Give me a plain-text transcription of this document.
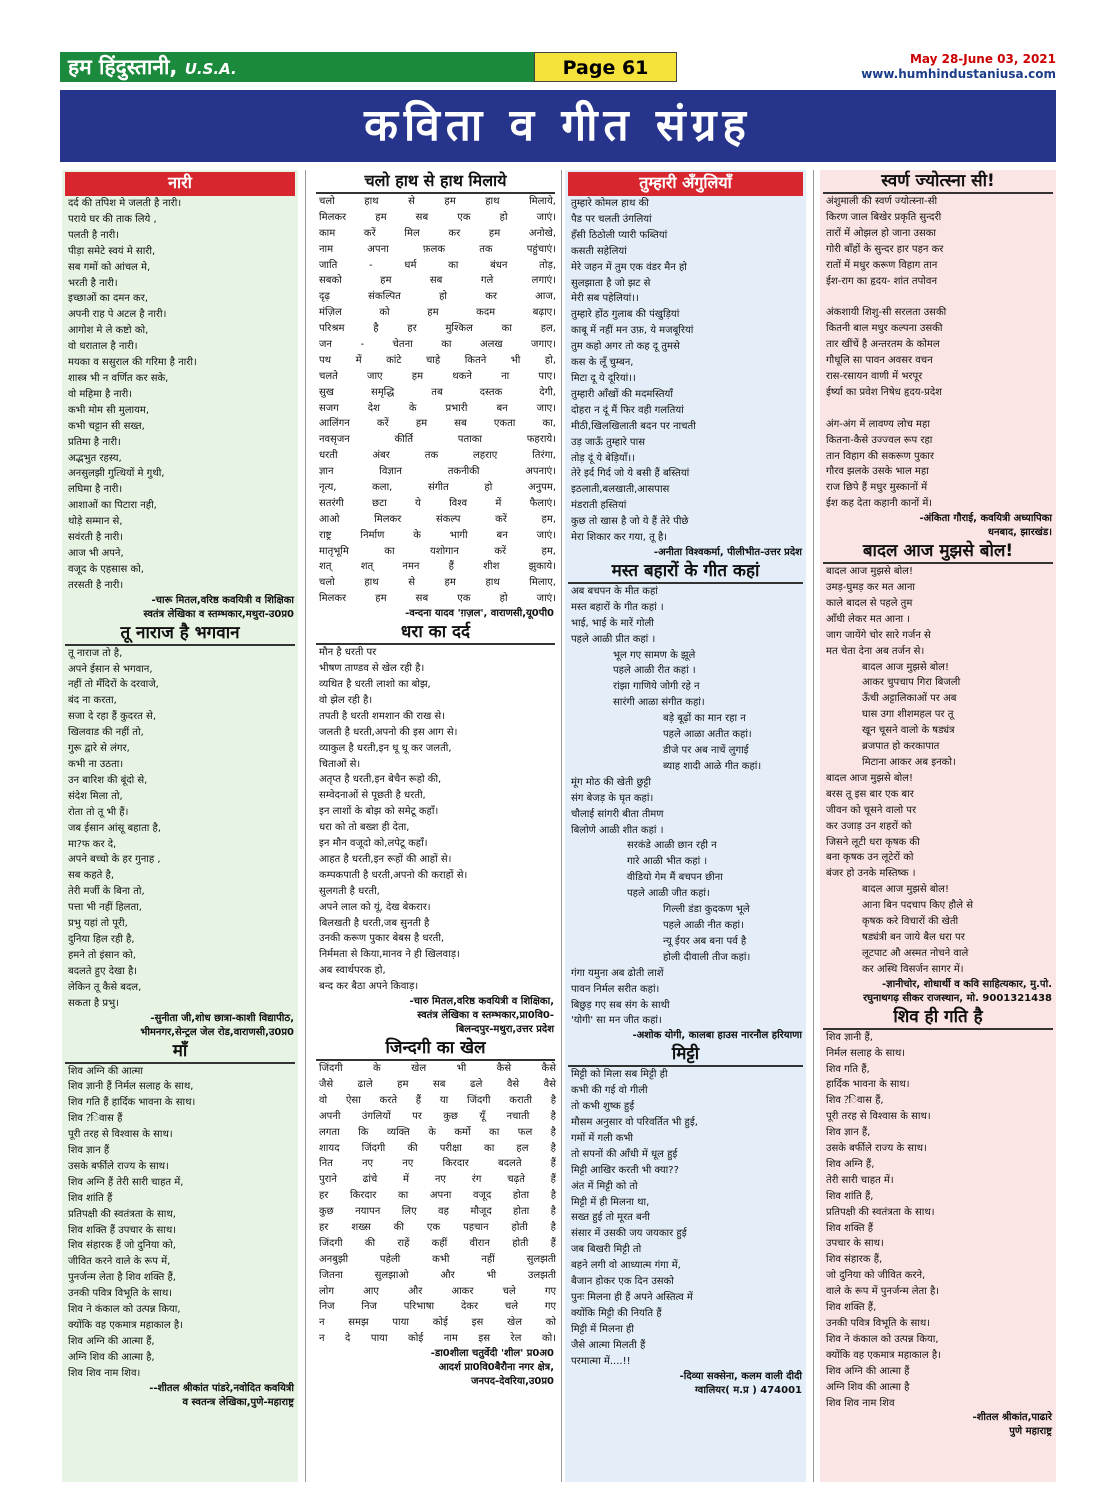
हम हिंदुस्तानी, U.S.A.	Page 61	May 28-June 03, 2021
www.humhindustaniusa.com
कविता व गीत संग्रह
नारी
दर्द की तपिश मे जलती है नारी।
पराये घर की ताक लिये ,
पलती है नारी।
पीड़ा समेटे स्वयं मे सारी,
सब गमों को आंचल मे,
भरती है नारी।
इच्छाओं का दमन कर,
अपनी राह पे अटल है नारी।
आगोश मे ले कष्टो को,
वो धराताल है नारी।
मयका व ससुराल की गरिमा है नारी।
शास्त्र भी न वर्णित कर सके,
वो महिमा है नारी।
कभी मोम सी मुलायम,
कभी चट्टान सी सख्त,
प्रतिमा है नारी।
अद्भभुत रहस्य,
अनसुलझी गुत्थियों मे गुथी,
लघिमा है नारी।
आशाओं का पिटारा नही,
थोड़े सम्मान से,
सवंरती है नारी।
आज भी अपने,
वजूद के एहसास को,
तरसती है नारी।
-चारू मितल,वरिष्ठ कवयित्री व शिक्षिका
स्वतंत्र लेखिका व स्तम्भकार,मथुरा-उ0प्र0
तू नाराज है भगवान
तू नाराज तो है,
अपने ईसान से भगवान,
नहीं तो मँदिरों के दरवाजे,
बंद ना करता,
सजा दे रहा हैं कुदरत से,
खिलवाड की नहीं तो,
गुरू द्वारे से लंगर,
कभी ना उठता।
उन बारिश की बूंदो से,
संदेश मिला तो,
रोता तो तू भी हैं।
जब ईसान आंसू बहाता है,
मा?फ कर दे,
अपने बच्चो के हर गुनाह ,
सब कहते है,
तेरी मर्जी के बिना तो,
पत्ता भी नहीं हिलता,
प्रभु यहां तो पूरी,
दुनिया हिल रही है,
हमने तो इंसान को,
बदलते हुए देखा है।
लेकिन तू कैसे बदल,
सकता है प्रभु।
-सुनीता जी,शोध छात्रा-काशी विद्यापीठ,
भीमनगर,सेन्ट्रल जेल रोड,वाराणसी,उ0प्र0
माँ
शिव अग्नि की आत्मा
शिव ज्ञानी हैं निर्मल सलाह के साथ,
शिव गति हैं हार्दिक भावना के साथ।
शिव ?िवास हैं
पूरी तरह से विश्वास के साथ।
शिव ज्ञान हैं
उसके बर्फीले राज्य के साथ।
शिव अग्नि हैं तेरी सारी चाहत में,
शिव शांति हैं
प्रतिपक्षी की स्वतंत्रता के साथ,
शिव शक्ति हैं उपचार के साथ।
शिव संहारक हैं जो दुनिया को,
जीवित करने वाले के रूप में,
पुनर्जन्म लेता है शिव शक्ति हैं,
उनकी पवित्र विभूति के साथ।
शिव ने कंकाल को उत्पन्न किया,
क्योंकि वह एकमात्र महाकाल है।
शिव अग्नि की आत्मा हैं,
अग्नि शिव की आत्मा है,
शिव शिव नाम शिव।
--शीतल श्रीकांत पांडरे,नवोदित कवयित्री
व स्वतन्त्र लेखिका,पुणे-महाराष्ट्र
चलो हाथ से हाथ मिलाये
चलो हाथ से हम हाथ मिलाये,
मिलकर हम सब एक हो जाएं।
काम करें मिल कर हम अनोखे,
नाम अपना फ़लक तक पहुंचाएं।
जाति - धर्म का बंधन तोड़,
सबको हम सब गले लगाएं।
दृढ़ संकल्पित हो कर आज,
मंज़िल को हम कदम बढ़ाए।
परिश्रम है हर मुश्किल का हल,
जन - चेतना का अलख जगाए।
पथ में कांटे चाहे कितने भी हो,
चलते जाए हम थकने ना पाए।
सुख समृद्धि तब दस्तक देगी,
सजग देश के प्रभारी बन जाए।
आलिंगन करें हम सब एकता का,
नवसृजन कीर्ति पताका फहराये।
धरती अंबर तक लहराए तिरंगा,
ज्ञान विज्ञान तकनीकी अपनाएं।
नृत्य, कला, संगीत हो अनुपम,
सतरंगी छटा ये विश्व में फैलाएं।
आओ मिलकर संकल्प करें हम,
राष्ट्र निर्माण के भागी बन जाएं।
मातृभूमि का यशोगान करें हम,
शत् शत् नमन हैं शीश झुकाये।
चलो हाथ से हम हाथ मिलाए,
मिलकर हम सब एक हो जाएं।
-वन्दना यादव 'ग़ज़ल', वाराणसी,यू0पी0
धरा का दर्द
मौन है धरती पर
भीषण ताण्डव से खेल रही है।
व्यथित है धरती लाशो का बोझ,
वो झेल रही है।
तपती है धरती शमशान की राख से।
जलती है धरती,अपनो की इस आग से।
व्याकुल है धरती,इन धू धू कर जलती,
चिताओं से।
अतृप्त है धरती,इन बेचैन रूहो की,
सम्वेदनाओं से पूछती है धरती,
इन लाशों के बोझ को समेटू कहाँ।
धरा को तो बख्श ही देता,
इन मौन वजूदो को,लपेटू कहाँ।
आहत है धरती,इन रूहों की आहों से।
कम्पकपाती है धरती,अपनो की कराहों से।
सुलगती है धरती,
अपने लाल को यूं, देख बेकरार।
बिलखती है धरती,जब सुनती है
उनकी करूण पुकार बेबस है धरती,
निर्ममता से किया,मानव ने ही खिलवाड़।
अब स्वार्थपरक हो,
बन्द कर बैठा अपने किवाड़।
-चारु मितल,वरिष्ठ कवयित्री व शिक्षिका,
स्वतंत्र लेखिका व स्तम्भकार,प्रा0वि0-
बिलन्दपुर-मथुरा,उत्तर प्रदेश
जिन्दगी का खेल
जिंदगी के खेल भी कैसे कैसे
जैसे ढाले हम सब ढले वैसे वैसे
वो ऐसा करते हैं या जिंदगी कराती है
अपनी उंगलियों पर कुछ यूँ नचाती है
लगता कि व्यक्ति के कर्मो का फल है
शायद जिंदगी की परीक्षा का हल है
नित नए नए किरदार बदलते हैं
पुराने ढांचे में नए रंग चढ़ते हैं
हर किरदार का अपना वजूद होता है
कुछ नयापन लिए वह मौजूद होता है
हर शख्स की एक पहचान होती है
जिंदगी की राहें कहीं वीरान होती हैं
अनबुझी पहेली कभी नहीं सुलझती
जितना सुलझाओ और भी उलझती
लोग आए और आकर चले गए
निज निज परिभाषा देकर चले गए
न समझ पाया कोई इस खेल को
न दे पाया कोई नाम इस रेल को।
-डा0शीला चतुर्वेदी 'शील' प्र0अ0
आदर्श प्रा0वि0बैरौना नगर क्षेत्र,
जनपद-देवरिया,उ0प्र0
तुम्हारी अँगुलियाँ
तुम्हारे कोमल हाथ की
पैड पर चलती उंगलियां
हँसी ठिठोली प्यारी फब्तियां
कसती सहेलियां
मेरे जहन में तुम एक वंडर मैन हो
सुलझाता है जो झट से
मेरी सब पहेलियां।।
तुम्हारे होंठ गुलाब की पंखुड़ियां
काबू में नहीं मन उफ़, ये मजबूरियां
तुम कहो अगर तो कह दू तुमसे
कस के लूँ चुम्बन,
मिटा दू ये दूरियां।।
तुम्हारी आँखों की मदमस्तियाँ
दोहरा न दूं मैं फिर वही गलतियां
मीठी,खिलखिलाती बदन पर नाचती
उड़ जाऊँ तुम्हारे पास
तोड़ दूं ये बेड़ियाँ।।
तेरे इर्द गिर्द जो ये बसी हैं बस्तियां
इठलाती,बलखाती,आसपास
मंडराती हस्तियां
कुछ तो खास है जो ये हैं तेरे पीछे
मेरा शिकार कर गया, तू है।
-अनीता विश्वकर्मा, पीलीभीत-उत्तर प्रदेश
मस्त बहारों के गीत कहां
अब बचपन के मीत कहां
मस्त बहारों के गीत कहां ।
भाई, भाई के मारें गोली
पहले आळी प्रीत कहां ।
भूल गए सामण के झूले
पहले आळी रीत कहां ।
रांझा गाणिये जोगी रहे न
सारंगी आळा संगीत कहां।
बड़े बूढ़ों का मान रहा न
पहले आळा अतीत कहां।
डीजे पर अब नाचें लुगाई
ब्याह शादी आळे गीत कहां।
मूंग मोठ की खेती छुट्टी
संग बेजड़ के घृत कहां।
चौलाई सांगरी बीता तीमण
बिलोणे आळी शीत कहां ।
सरकंडे आळी छान रही न
गारे आळी भीत कहां ।
वीडियो गेम मैं बचपन छीना
पहले आळी जीत कहां।
गिल्ली डंडा कुदकण भूले
पहले आळी नीत कहां।
न्यू ईयर अब बना पर्व है
होली दीवाली तीज कहां।
गंगा यमुना अब ढोती लाशें
पावन निर्मल सरीत कहां।
बिछुड़ गए सब संग के साथी
'योगी' सा मन जीत कहां।
-अशोक योगी, कालबा हाउस नारनौल हरियाणा
मिट्टी
मिट्टी को मिला सब मिट्टी ही
कभी की गई वो गीली
तो कभी शुष्क हुई
मौसम अनुसार वो परिवर्तित भी हुई,
गमों में गली कभी
तो सपनों की आँधी में धूल हुई
मिट्टी आखिर करती भी क्या??
अंत में मिट्टी को तो
मिट्टी में ही मिलना था,
सख्त हुई तो मूरत बनी
संसार में उसकी जय जयकार हुई
जब बिखरी मिट्टी तो
बहने लगी वो आध्यात्म गंगा में,
बैजान होकर एक दिन उसको
पुनः मिलना ही हैं अपने अस्तित्व में
क्योंकि मिट्टी की नियति हैं
मिट्टी में मिलना ही
जैसे आत्मा मिलती हैं
परमात्मा में....!!
-दिव्या सक्सेना, कलम वाली दीदी
ग्वालियर( म.प्र ) 474001
स्वर्ण ज्योत्स्ना सी!
अंशुमाली की स्वर्ण ज्योत्स्ना-सी
किरण जाल बिखेर प्रकृति सुन्दरी
तारों में ओझल हो जाना उसका
गोरी बाँहों के सुन्दर हार पहन कर
रातों में मधुर करूण विहाग तान
ईश-राग का हृदय- शांत तपोवन

अंकशायी शिशु-सी सरलता उसकी
कितनी बाल मधुर कल्पना उसकी
तार खींचें है अन्तरतम के कोमल
गौधूलि सा पावन अवसर वचन
रास-रसायन वाणी में भरपूर
ईर्ष्या का प्रवेश निषेध हृदय-प्रदेश

अंग-अंग में लावण्य लोच महा
कितना-कैसे उज्ज्वल रूप रहा
तान विहाग की सकरूण पुकार
गौरव झलके उसके भाल महा
राज छिपे हैं मधुर मुस्कानों में
ईश कह देता कहानी कानों में।
-अंकिता गौराई, कवयित्री अध्यापिका
धनबाद, झारखंड।
बादल आज मुझसे बोल!
बादल आज मुझसे बोल!
उमड़-घुमड़ कर मत आना
काले बादल से पहले तुम
आँधी लेकर मत आना ।
जाग जायेंगे चोर सारे गर्जन से
मत चेता देना अब तर्जन से।
बादल आज मुझसे बोल!
आकर चुपचाप गिरा बिजली
ऊँची अट्टालिकाओं पर अब
घास उगा शीशमहल पर तू
खून चूसने वालो के षड्यंत्र
ब्रजपात हो करकापात
मिटाना आकर अब इनको।
बादल आज मुझसे बोल!
बरस तू इस बार एक बार
जीवन को चूसने वालो पर
कर उजाड़ उन शहरों को
जिसने लूटी धरा कृषक की
बना कृषक उन लूटेरों को
बंजर हो उनके मस्तिष्क ।
बादल आज मुझसे बोल!
आना बिन पदचाप किए हौले से
कृषक करे विचारों की खेती
षड्यंत्री बन जाये बैल धरा पर
लूटपाट औ अस्मत नोचने वाले
कर अस्थि विसर्जन सागर में।
-ज्ञानीचोर, शोधार्थी व कवि साहित्यकार, मु.पो.
रघुनाथगढ़ सीकर राजस्थान, मो. 9001321438
शिव ही गति है
शिव ज्ञानी हैं,
निर्मल सलाह के साथ।
शिव गति हैं,
हार्दिक भावना के साथ।
शिव ?िवास हैं,
पूरी तरह से विश्वास के साथ।
शिव ज्ञान हैं,
उसके बर्फीले राज्य के साथ।
शिव अग्नि हैं,
तेरी सारी चाहत में।
शिव शांति हैं,
प्रतिपक्षी की स्वतंत्रता के साथ।
शिव शक्ति हैं
उपचार के साथ।
शिव संहारक हैं,
जो दुनिया को जीवित करने,
वाले के रूप में पुनर्जन्म लेता है।
शिव शक्ति हैं,
उनकी पवित्र विभूति के साथ।
शिव ने कंकाल को उत्पन्न किया,
क्योंकि वह एकमात्र महाकाल है।
शिव अग्नि की आत्मा हैं
अग्नि शिव की आत्मा है
शिव शिव नाम शिव
-शीतल श्रीकांत,पाढारे
पुणे महाराष्ट्र
